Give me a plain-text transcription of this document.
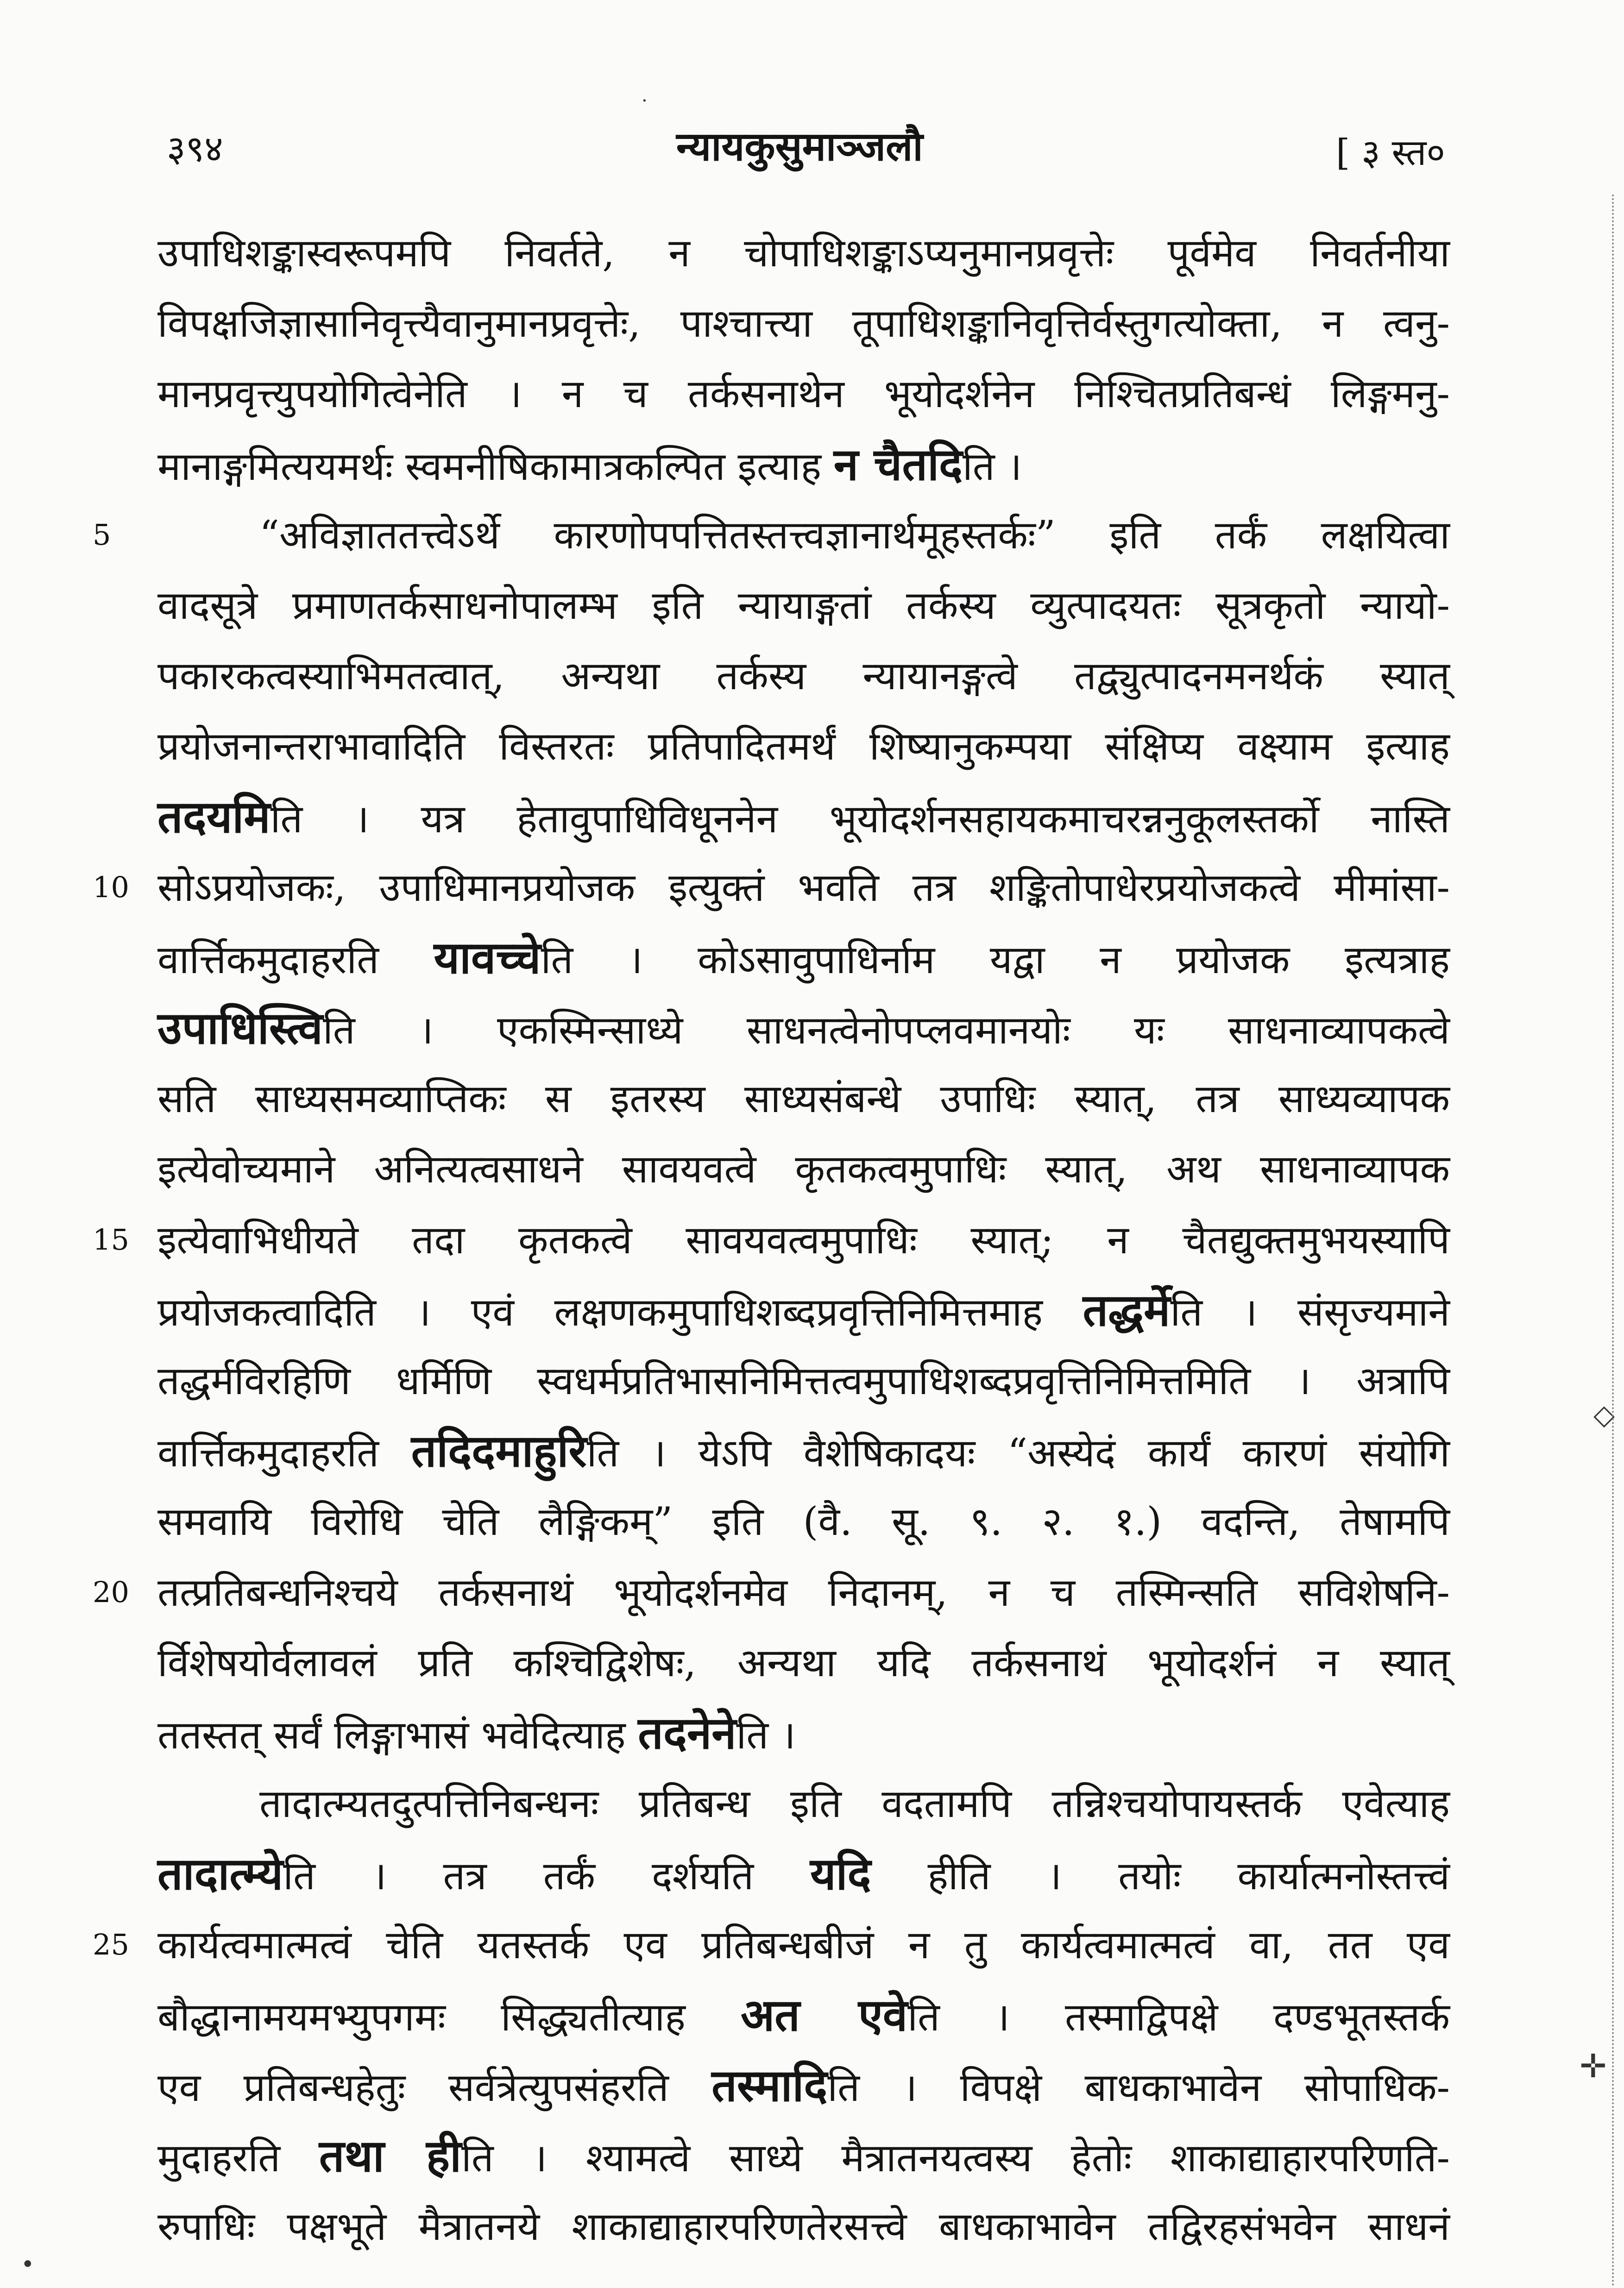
३९४	न्यायकुसुमाञ्जलौ	[ ३ स्त०
उपाधिशङ्कास्वरूपमपि निवर्तते, न चोपाधिशङ्काऽप्यनुमानप्रवृत्तेः पूर्वमेव निवर्तनीया
विपक्षजिज्ञासानिवृत्त्यैवानुमानप्रवृत्तेः, पाश्चात्त्या तूपाधिशङ्कानिवृत्तिर्वस्तुगत्योक्ता, न त्वनु-
मानप्रवृत्त्युपयोगित्वेनेति । न च तर्कसनाथेन भूयोदर्शनेन निश्चितप्रतिबन्धं लिङ्गमनु-
मानाङ्गमित्ययमर्थः स्वमनीषिकामात्रकल्पित इत्याह न चैतदिति ।
5	“अविज्ञाततत्त्वेऽर्थे कारणोपपत्तितस्तत्त्वज्ञानार्थमूहस्तर्कः” इति तर्कं लक्षयित्वा
वादसूत्रे प्रमाणतर्कसाधनोपालम्भ इति न्यायाङ्गतां तर्कस्य व्युत्पादयतः सूत्रकृतो न्यायो-
पकारकत्वस्याभिमतत्वात्, अन्यथा तर्कस्य न्यायानङ्गत्वे तद्व्युत्पादनमनर्थकं स्यात्
प्रयोजनान्तराभावादिति विस्तरतः प्रतिपादितमर्थं शिष्यानुकम्पया संक्षिप्य वक्ष्याम इत्याह
तदयमिति । यत्र हेतावुपाधिविधूननेन भूयोदर्शनसहायकमाचरन्ननुकूलस्तर्को नास्ति
10 सोऽप्रयोजकः, उपाधिमानप्रयोजक इत्युक्तं भवति तत्र शङ्कितोपाधेरप्रयोजकत्वे मीमांसा-
वार्त्तिकमुदाहरति यावच्चेति । कोऽसावुपाधिर्नाम यद्वा न प्रयोजक इत्यत्राह
उपाधिस्त्विति । एकस्मिन्साध्ये साधनत्वेनोपप्लवमानयोः यः साधनाव्यापकत्वे
सति साध्यसमव्याप्तिकः स इतरस्य साध्यसंबन्धे उपाधिः स्यात्, तत्र साध्यव्यापक
इत्येवोच्यमाने अनित्यत्वसाधने सावयवत्वे कृतकत्वमुपाधिः स्यात्, अथ साधनाव्यापक
15 इत्येवाभिधीयते तदा कृतकत्वे सावयवत्वमुपाधिः स्यात्; न चैतद्युक्तमुभयस्यापि
प्रयोजकत्वादिति । एवं लक्षणकमुपाधिशब्दप्रवृत्तिनिमित्तमाह तद्धर्मेति । संसृज्यमाने
तद्धर्मविरहिणि धर्मिणि स्वधर्मप्रतिभासनिमित्तत्वमुपाधिशब्दप्रवृत्तिनिमित्तमिति । अत्रापि
वार्त्तिकमुदाहरति तदिदमाहुरिति । येऽपि वैशेषिकादयः “अस्येदं कार्यं कारणं संयोगि
समवायि विरोधि चेति लैङ्गिकम्” इति (वै. सू. ९. २. १.) वदन्ति, तेषामपि
20 तत्प्रतिबन्धनिश्चये तर्कसनाथं भूयोदर्शनमेव निदानम्, न च तस्मिन्सति सविशेषनि-
र्विशेषयोर्वलावलं प्रति कश्चिद्विशेषः, अन्यथा यदि तर्कसनाथं भूयोदर्शनं न स्यात्
ततस्तत् सर्वं लिङ्गाभासं भवेदित्याह तदनेनेति ।
तादात्म्यतदुत्पत्तिनिबन्धनः प्रतिबन्ध इति वदतामपि तन्निश्चयोपायस्तर्क एवेत्याह
तादात्म्येति । तत्र तर्कं दर्शयति यदि हीति । तयोः कार्यात्मनोस्तत्त्वं
25 कार्यत्वमात्मत्वं चेति यतस्तर्क एव प्रतिबन्धबीजं न तु कार्यत्वमात्मत्वं वा, तत एव
बौद्धानामयमभ्युपगमः सिद्ध्यतीत्याह अत एवेति । तस्माद्विपक्षे दण्डभूतस्तर्क
एव प्रतिबन्धहेतुः सर्वत्रेत्युपसंहरति तस्मादिति । विपक्षे बाधकाभावेन सोपाधिक-
मुदाहरति तथा हीति । श्यामत्वे साध्ये मैत्रातनयत्वस्य हेतोः शाकाद्याहारपरिणति-
रुपाधिः पक्षभूते मैत्रातनये शाकाद्याहारपरिणतेरसत्त्वे बाधकाभावेन तद्विरहसंभवेन साधनं
·
◇
✛
•
